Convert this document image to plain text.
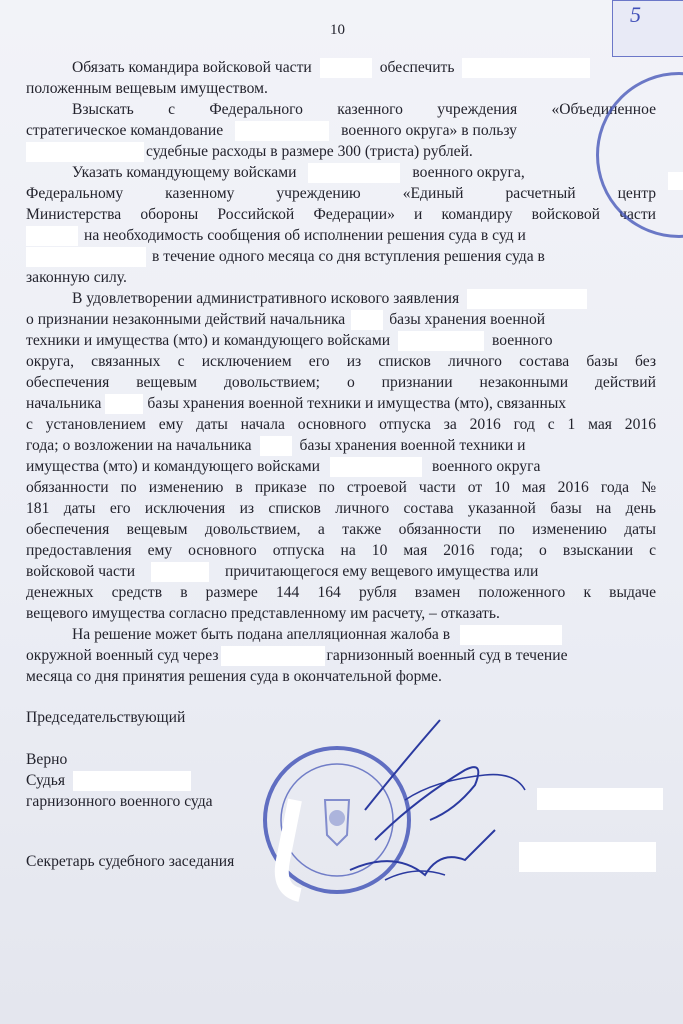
5
10
Обязать командира войсковой части	обеспечить
положенным вещевым имуществом.
Взыскать с Федерального казенного учреждения «Объединенное
стратегическое командование	военного округа» в пользу
судебные расходы в размере 300 (триста) рублей.
Указать командующему войсками	военного округа,
Федеральному казенному учреждению «Единый расчетный центр
Министерства обороны Российской Федерации» и командиру войсковой части
на необходимость сообщения об исполнении решения суда в суд и
в течение одного месяца со дня вступления решения суда в
законную силу.
В удовлетворении административного искового заявления
о признании незаконными действий начальника	базы хранения военной
техники и имущества (мто) и командующего войсками	военного
округа, связанных с исключением его из списков личного состава базы без
обеспечения вещевым довольствием; о признании незаконными действий
начальника	базы хранения военной техники и имущества (мто), связанных
с установлением ему даты начала основного отпуска за 2016 год с 1 мая 2016
года; о возложении на начальника	базы хранения военной техники и
имущества (мто) и командующего войсками	военного округа
обязанности по изменению в приказе по строевой части от 10 мая 2016 года №
181 даты его исключения из списков личного состава указанной базы на день
обеспечения вещевым довольствием, а также обязанности по изменению даты
предоставления ему основного отпуска на 10 мая 2016 года; о взыскании с
войсковой части	причитающегося ему вещевого имущества или
денежных средств в размере 144 164 рубля взамен положенного к выдаче
вещевого имущества согласно представленному им расчету, – отказать.
На решение может быть подана апелляционная жалоба в
окружной военный суд через	гарнизонный военный суд в течение
месяца со дня принятия решения суда в окончательной форме.
Председательствующий
Верно
Судья
гарнизонного военного суда
Секретарь судебного заседания
